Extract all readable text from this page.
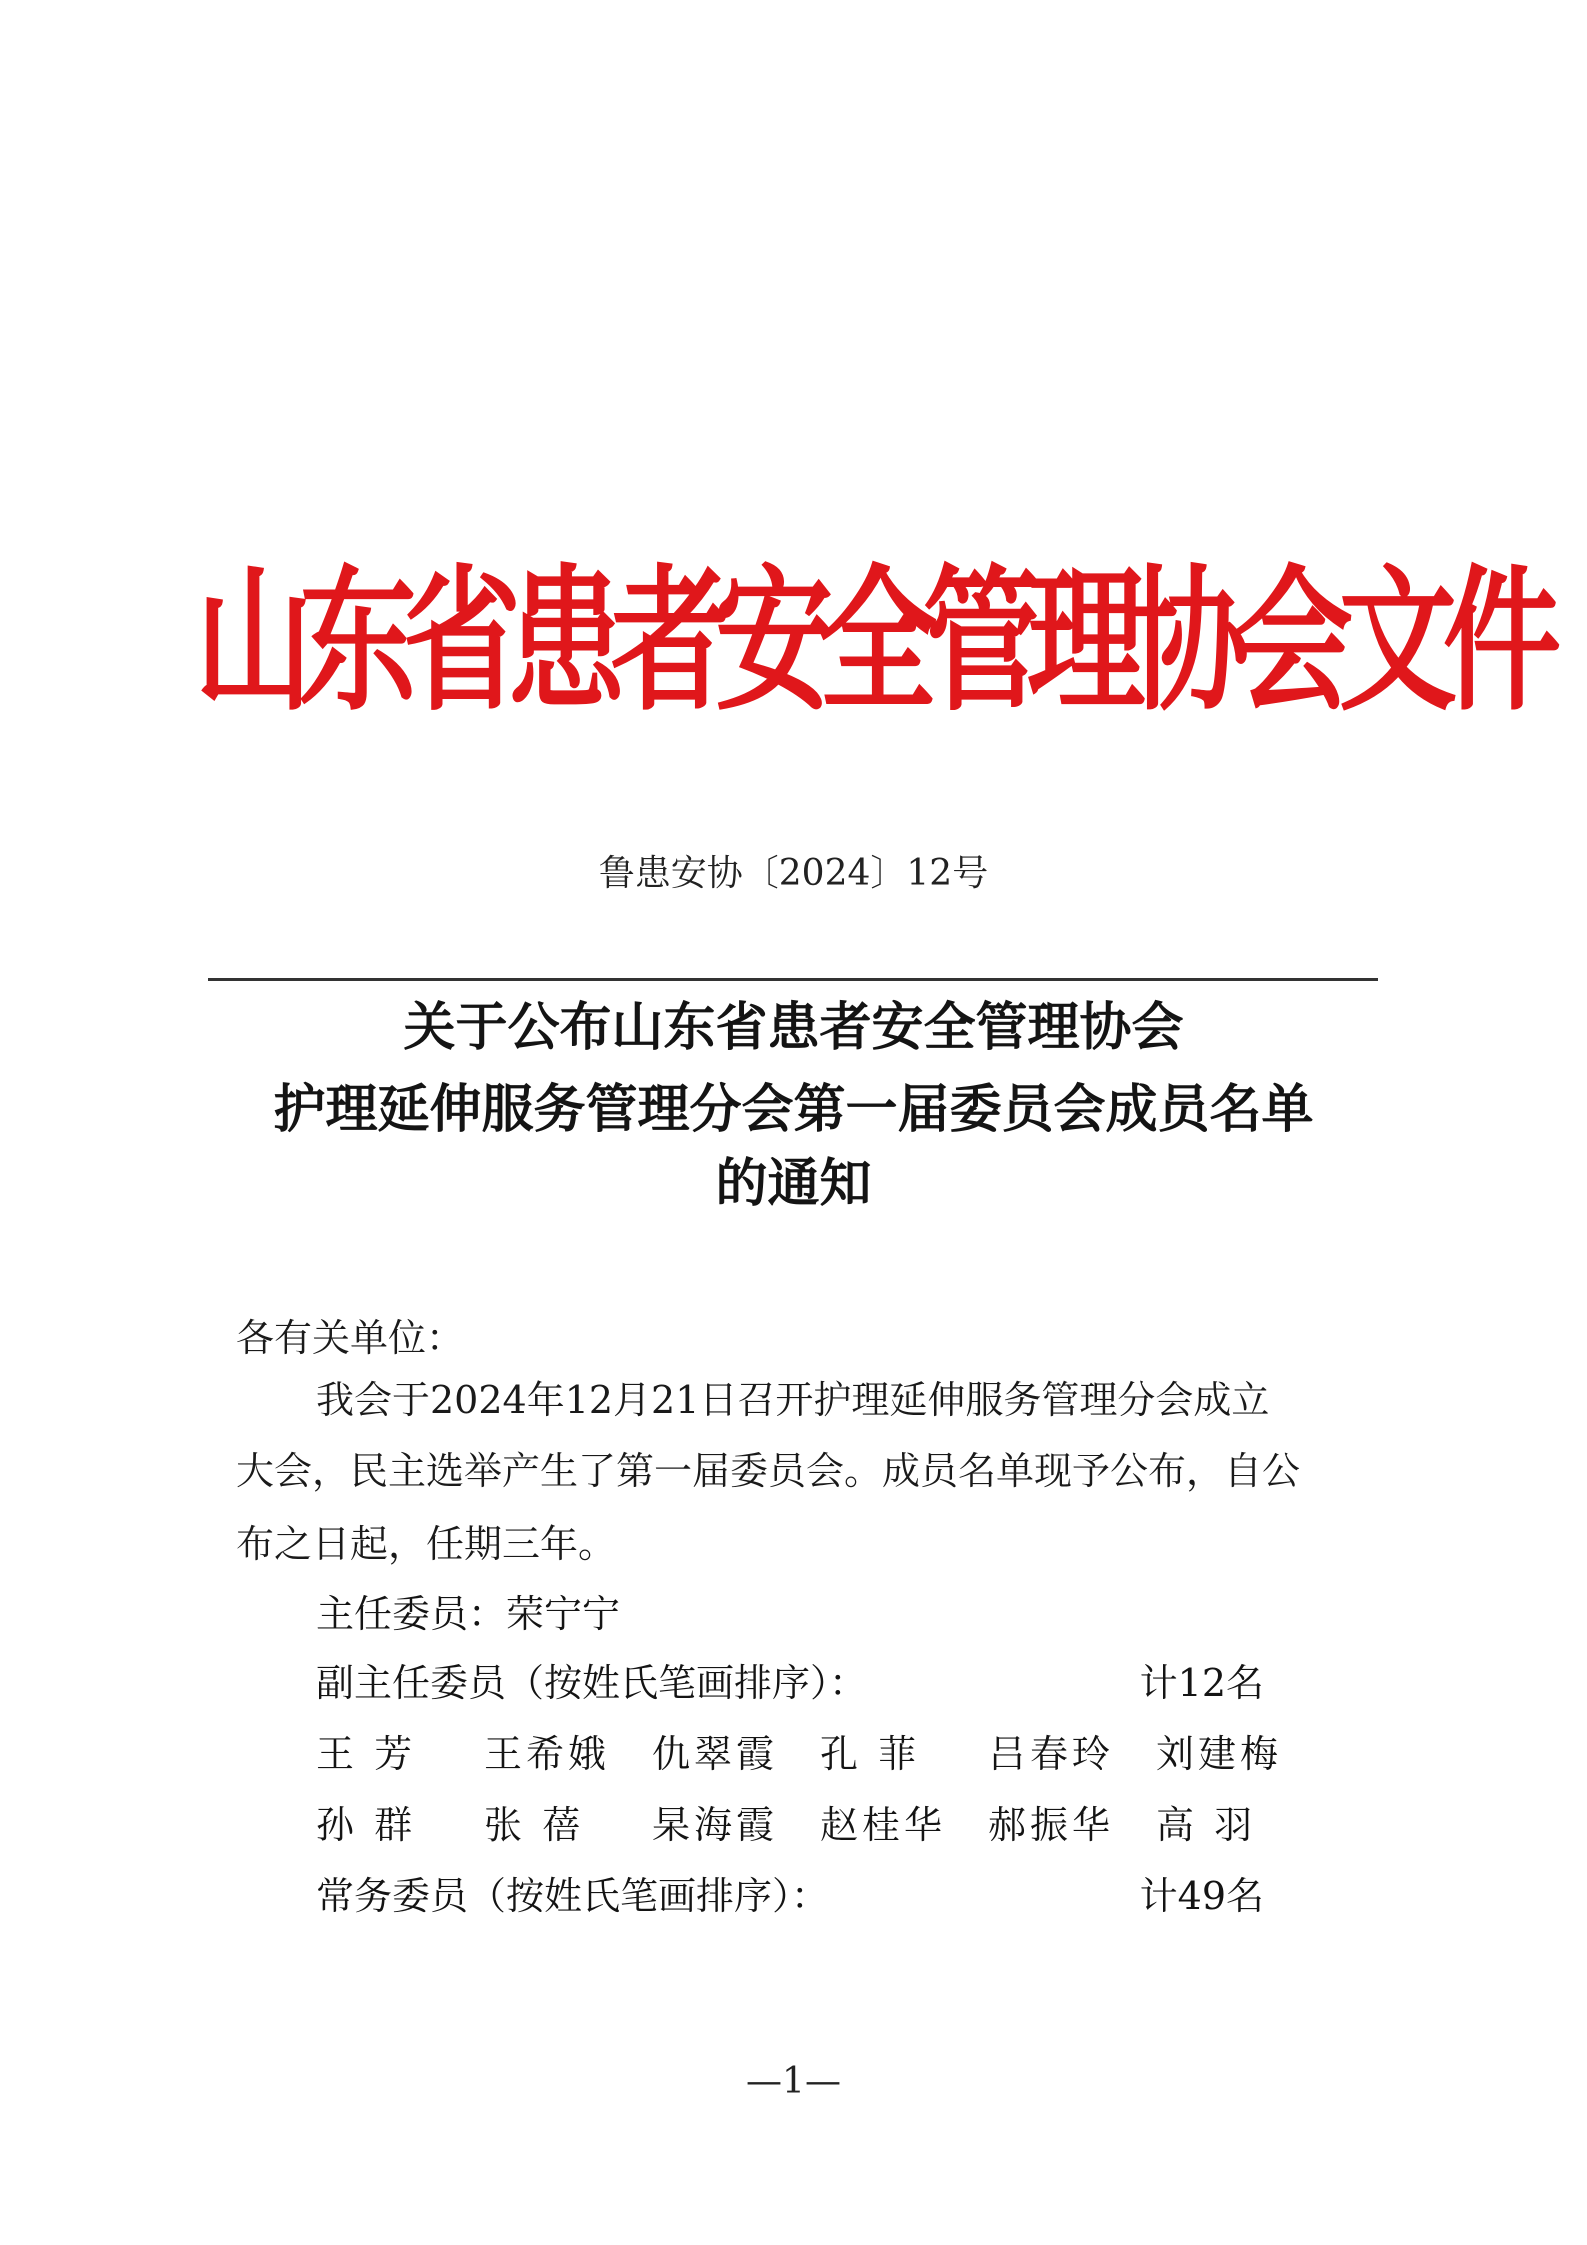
山东省患者安全管理协会文件
鲁患安协〔2024〕12号
关于公布山东省患者安全管理协会
护理延伸服务管理分会第一届委员会成员名单
的通知
各有关单位：
我会于2024年12月21日召开护理延伸服务管理分会成立
大会，民主选举产生了第一届委员会。成员名单现予公布，自公
布之日起，任期三年。
主任委员：荣宁宁
副主任委员（按姓氏笔画排序）：	计12名
王 芳 王希娥 仇翠霞 孔 菲 吕春玲 刘建梅
孙 群 张 蓓 杲海霞 赵桂华 郝振华 高 羽
常务委员（按姓氏笔画排序）：	计49名
—1—
